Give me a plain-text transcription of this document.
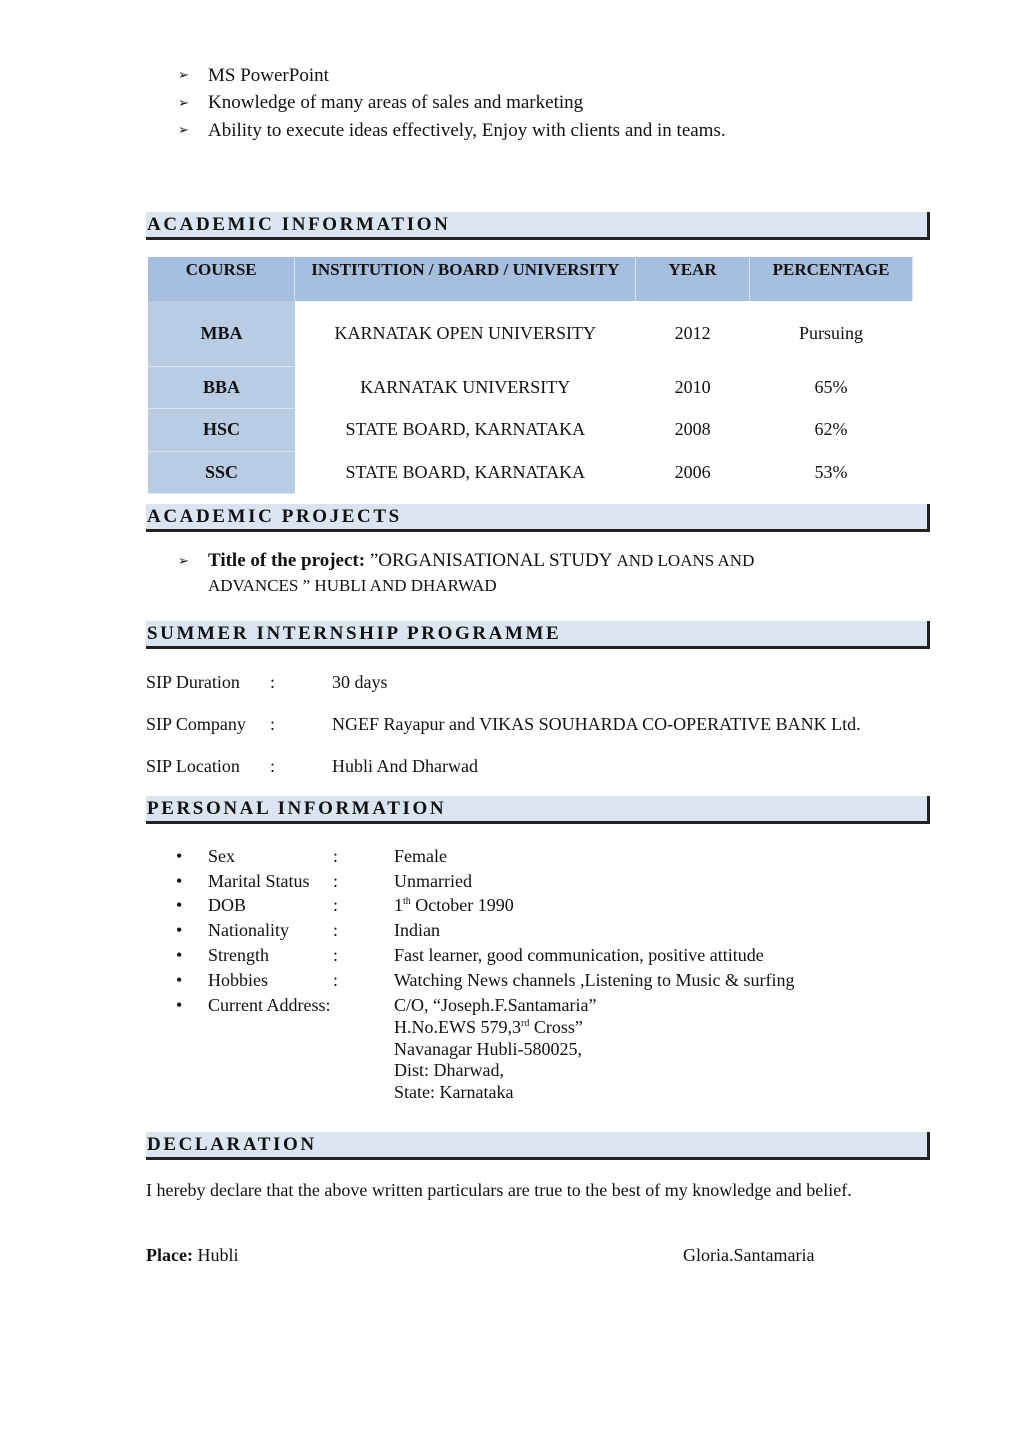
➢	MS PowerPoint
➢	Knowledge of many areas of sales and marketing
➢	Ability to execute ideas effectively, Enjoy with clients and in teams.
ACADEMIC INFORMATION
COURSE	INSTITUTION / BOARD / UNIVERSITY	YEAR	PERCENTAGE
MBA	KARNATAK OPEN UNIVERSITY	2012	Pursuing
BBA	KARNATAK UNIVERSITY	2010	65%
HSC	STATE BOARD, KARNATAKA	2008	62%
SSC	STATE BOARD, KARNATAKA	2006	53%
ACADEMIC PROJECTS
➢	Title of the project: ”ORGANISATIONAL STUDY AND LOANS AND
ADVANCES ” HUBLI AND DHARWAD
SUMMER INTERNSHIP PROGRAMME
SIP Duration	:	30 days
SIP Company	:	NGEF Rayapur and VIKAS SOUHARDA CO-OPERATIVE BANK Ltd.
SIP Location	:	Hubli And Dharwad
PERSONAL INFORMATION
•	Sex	:	Female
•	Marital Status	:	Unmarried
•	DOB	:	1th October 1990
•	Nationality	:	Indian
•	Strength	:	Fast learner, good communication, positive attitude
•	Hobbies	:	Watching News channels ,Listening to Music & surfing
•	Current Address:	C/O, “Joseph.F.Santamaria”
H.No.EWS 579,3rd Cross”
Navanagar Hubli-580025,
Dist: Dharwad,
State: Karnataka
DECLARATION
I hereby declare that the above written particulars are true to the best of my knowledge and belief.
Place: Hubli	Gloria.Santamaria
